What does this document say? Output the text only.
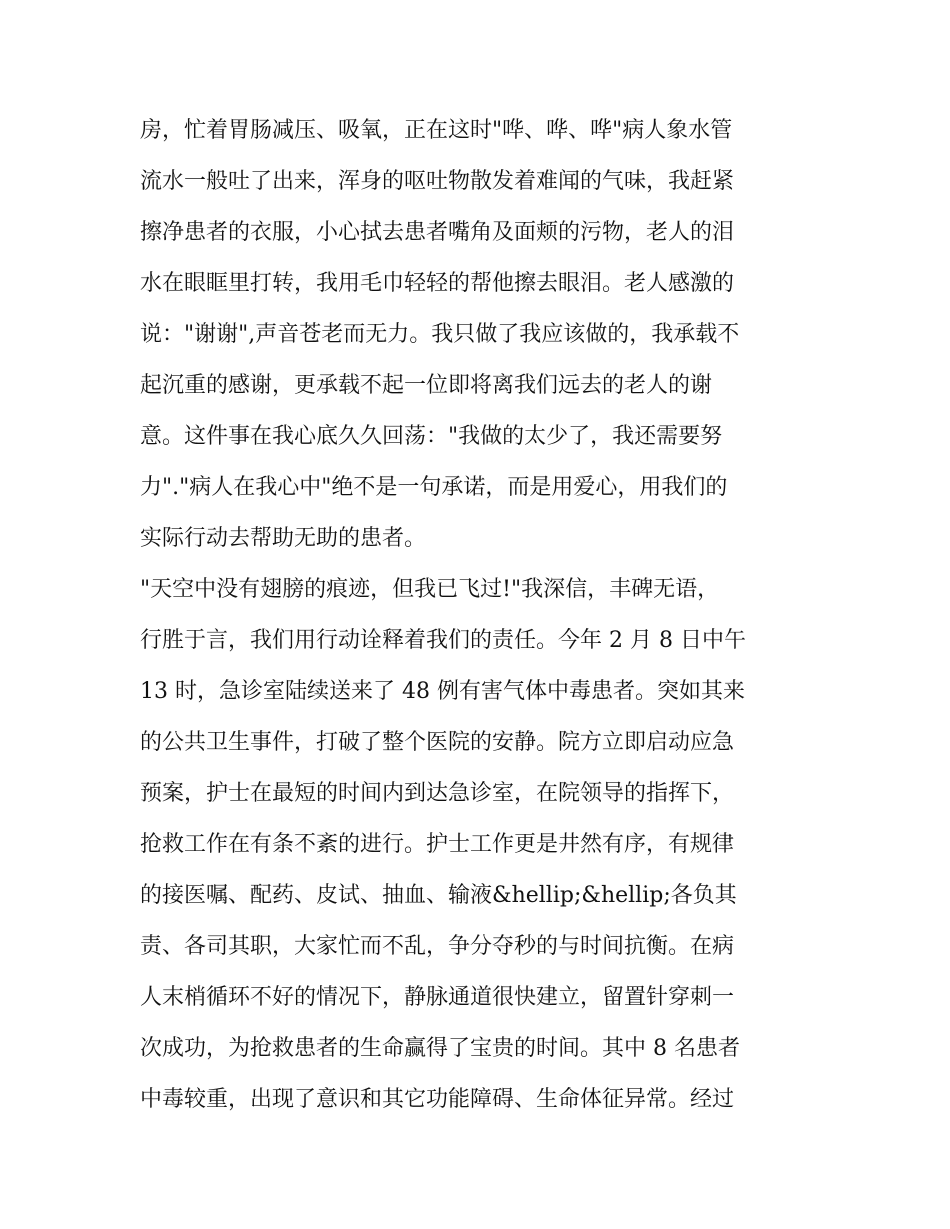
房，忙着胃肠减压、吸氧，正在这时"哗、哗、哗"病人象水管
流水一般吐了出来，浑身的呕吐物散发着难闻的气味，我赶紧
擦净患者的衣服，小心拭去患者嘴角及面颊的污物，老人的泪
水在眼眶里打转，我用毛巾轻轻的帮他擦去眼泪。老人感激的
说："谢谢",声音苍老而无力。我只做了我应该做的，我承载不
起沉重的感谢，更承载不起一位即将离我们远去的老人的谢
意。这件事在我心底久久回荡："我做的太少了，我还需要努
力"."病人在我心中"绝不是一句承诺，而是用爱心，用我们的
实际行动去帮助无助的患者。
"天空中没有翅膀的痕迹，但我已飞过!"我深信，丰碑无语，
行胜于言，我们用行动诠释着我们的责任。今年 2 月 8 日中午
13 时，急诊室陆续送来了 48 例有害气体中毒患者。突如其来
的公共卫生事件，打破了整个医院的安静。院方立即启动应急
预案，护士在最短的时间内到达急诊室，在院领导的指挥下，
抢救工作在有条不紊的进行。护士工作更是井然有序，有规律
的接医嘱、配药、皮试、抽血、输液&hellip;&hellip;各负其
责、各司其职，大家忙而不乱，争分夺秒的与时间抗衡。在病
人末梢循环不好的情况下，静脉通道很快建立，留置针穿刺一
次成功，为抢救患者的生命赢得了宝贵的时间。其中 8 名患者
中毒较重，出现了意识和其它功能障碍、生命体征异常。经过
